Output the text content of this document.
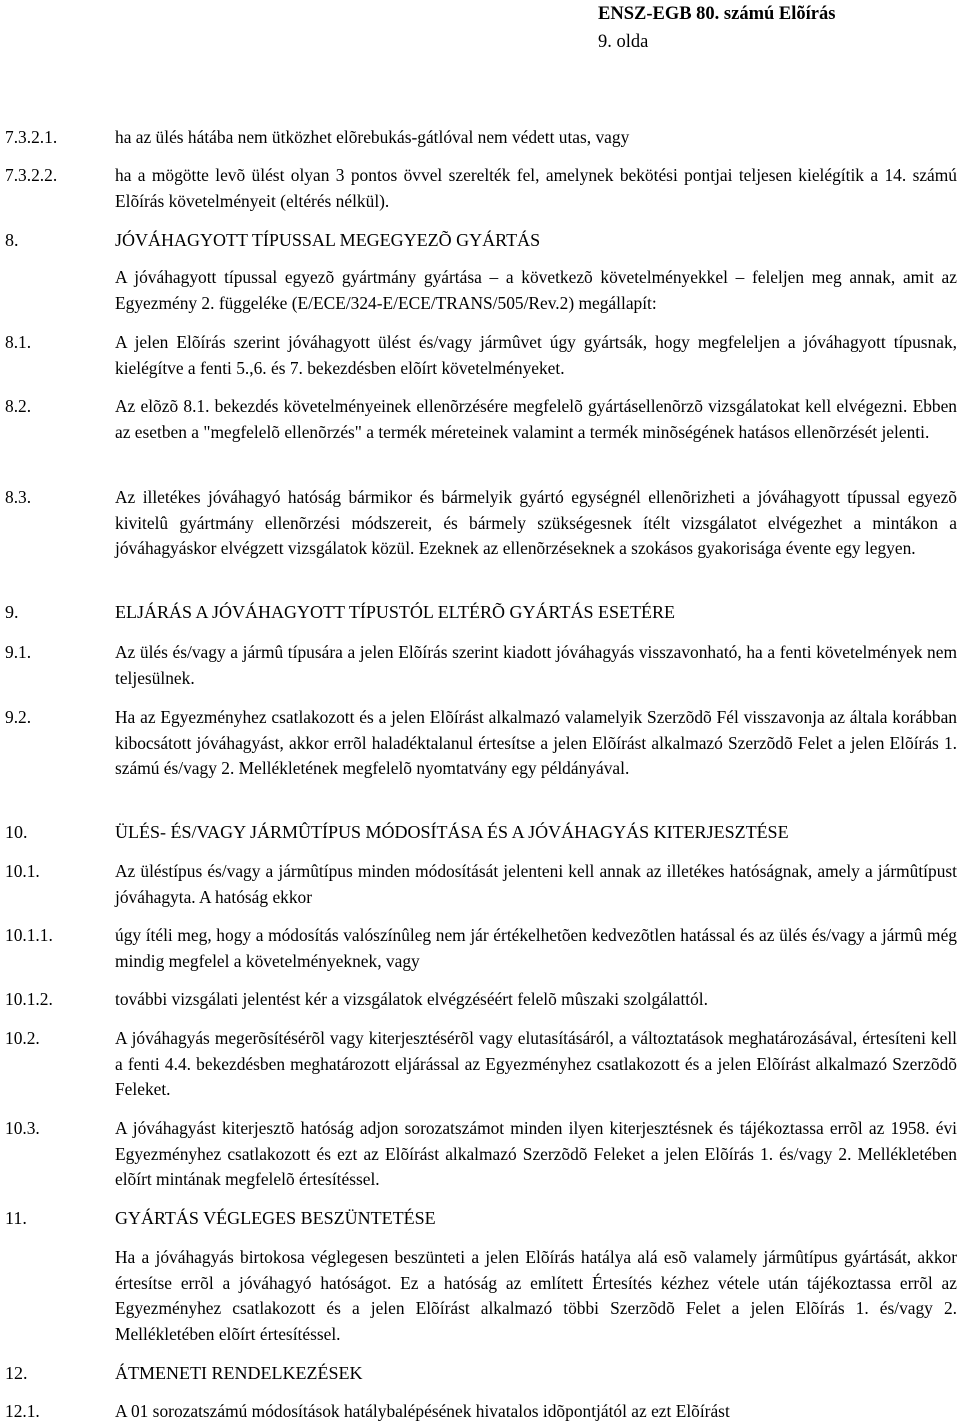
ENSZ-EGB 80. számú Elõírás
9. olda
7.3.2.1.	ha az ülés hátába nem ütközhet elõrebukás-gátlóval nem védett utas, vagy
7.3.2.2.	ha a mögötte levõ ülést olyan 3 pontos övvel szerelték fel, amelynek bekötési pontjai teljesen kielégítik a 14. számú Elõírás követelményeit (eltérés nélkül).
8.	JÓVÁHAGYOTT TÍPUSSAL MEGEGYEZÕ GYÁRTÁS
A jóváhagyott típussal egyezõ gyártmány gyártása – a következõ követelményekkel – feleljen meg annak, amit az Egyezmény 2. függeléke (E/ECE/324-E/ECE/TRANS/505/Rev.2) megállapít:
8.1.	A jelen Elõírás szerint jóváhagyott ülést és/vagy jármûvet úgy gyártsák, hogy megfeleljen a jóváhagyott típusnak, kielégítve a fenti 5.,6. és 7. bekezdésben elõírt követelményeket.
8.2.	Az elõzõ 8.1. bekezdés követelményeinek ellenõrzésére megfelelõ gyártásellenõrzõ vizsgálatokat kell elvégezni. Ebben az esetben a "megfelelõ ellenõrzés" a termék méreteinek valamint a termék minõségének hatásos ellenõrzését jelenti.
8.3.	Az illetékes jóváhagyó hatóság bármikor és bármelyik gyártó egységnél ellenõrizheti a jóváhagyott típussal egyezõ kivitelû gyártmány ellenõrzési módszereit, és bármely szükségesnek ítélt vizsgálatot elvégezhet a mintákon a jóváhagyáskor elvégzett vizsgálatok közül. Ezeknek az ellenõrzéseknek a szokásos gyakorisága évente egy legyen.
9.	ELJÁRÁS A JÓVÁHAGYOTT TÍPUSTÓL ELTÉRÕ GYÁRTÁS ESETÉRE
9.1.	Az ülés és/vagy a jármû típusára a jelen Elõírás szerint kiadott jóváhagyás visszavonható, ha a fenti követelmények nem teljesülnek.
9.2.	Ha az Egyezményhez csatlakozott és a jelen Elõírást alkalmazó valamelyik Szerzõdõ Fél visszavonja az általa korábban kibocsátott jóváhagyást, akkor errõl haladéktalanul értesítse a jelen Elõírást alkalmazó Szerzõdõ Felet a jelen Elõírás 1. számú és/vagy 2. Mellékletének megfelelõ nyomtatvány egy példányával.
10.	ÜLÉS- ÉS/VAGY JÁRMÛTÍPUS MÓDOSÍTÁSA ÉS A JÓVÁHAGYÁS KITERJESZTÉSE
10.1.	Az üléstípus és/vagy a jármûtípus minden módosítását jelenteni kell annak az illetékes hatóságnak, amely a jármûtípust jóváhagyta. A hatóság ekkor
10.1.1.	úgy ítéli meg, hogy a módosítás valószínûleg nem jár értékelhetõen kedvezõtlen hatással és az ülés és/vagy a jármû még mindig megfelel a követelményeknek, vagy
10.1.2.	további vizsgálati jelentést kér a vizsgálatok elvégzéséért felelõ mûszaki szolgálattól.
10.2.	A jóváhagyás megerõsítésérõl vagy kiterjesztésérõl vagy elutasításáról, a változtatások meghatározásával, értesíteni kell a fenti 4.4. bekezdésben meghatározott eljárással az Egyezményhez csatlakozott és a jelen Elõírást alkalmazó Szerzõdõ Feleket.
10.3.	A jóváhagyást kiterjesztõ hatóság adjon sorozatszámot minden ilyen kiterjesztésnek és tájékoztassa errõl az 1958. évi Egyezményhez csatlakozott és ezt az Elõírást alkalmazó Szerzõdõ Feleket a jelen Elõírás 1. és/vagy 2. Mellékletében elõírt mintának megfelelõ értesítéssel.
11.	GYÁRTÁS VÉGLEGES BESZÜNTETÉSE
Ha a jóváhagyás birtokosa véglegesen beszünteti a jelen Elõírás hatálya alá esõ valamely jármûtípus gyártását, akkor értesítse errõl a jóváhagyó hatóságot. Ez a hatóság az említett Értesítés kézhez vétele után tájékoztassa errõl az Egyezményhez csatlakozott és a jelen Elõírást alkalmazó többi Szerzõdõ Felet a jelen Elõírás 1. és/vagy 2. Mellékletében elõírt értesítéssel.
12.	ÁTMENETI RENDELKEZÉSEK
12.1.	A 01 sorozatszámú módosítások hatálybalépésének hivatalos idõpontjától az ezt Elõírást
